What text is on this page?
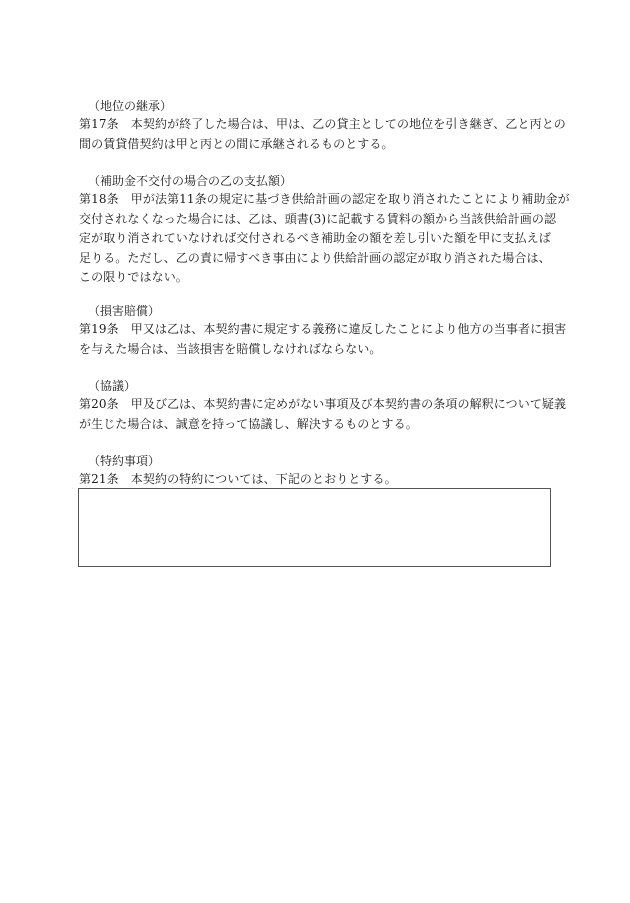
（地位の継承）
第17条　本契約が終了した場合は、甲は、乙の貸主としての地位を引き継ぎ、乙と丙との
間の賃貸借契約は甲と丙との間に承継されるものとする。
（補助金不交付の場合の乙の支払額）
第18条　甲が法第11条の規定に基づき供給計画の認定を取り消されたことにより補助金が
交付されなくなった場合には、乙は、頭書(3)に記載する賃料の額から当該供給計画の認
定が取り消されていなければ交付されるべき補助金の額を差し引いた額を甲に支払えば
足りる。ただし、乙の責に帰すべき事由により供給計画の認定が取り消された場合は、
この限りではない。
（損害賠償）
第19条　甲又は乙は、本契約書に規定する義務に違反したことにより他方の当事者に損害
を与えた場合は、当該損害を賠償しなければならない。
（協議）
第20条　甲及び乙は、本契約書に定めがない事項及び本契約書の条項の解釈について疑義
が生じた場合は、誠意を持って協議し、解決するものとする。
（特約事項）
第21条　本契約の特約については、下記のとおりとする。
